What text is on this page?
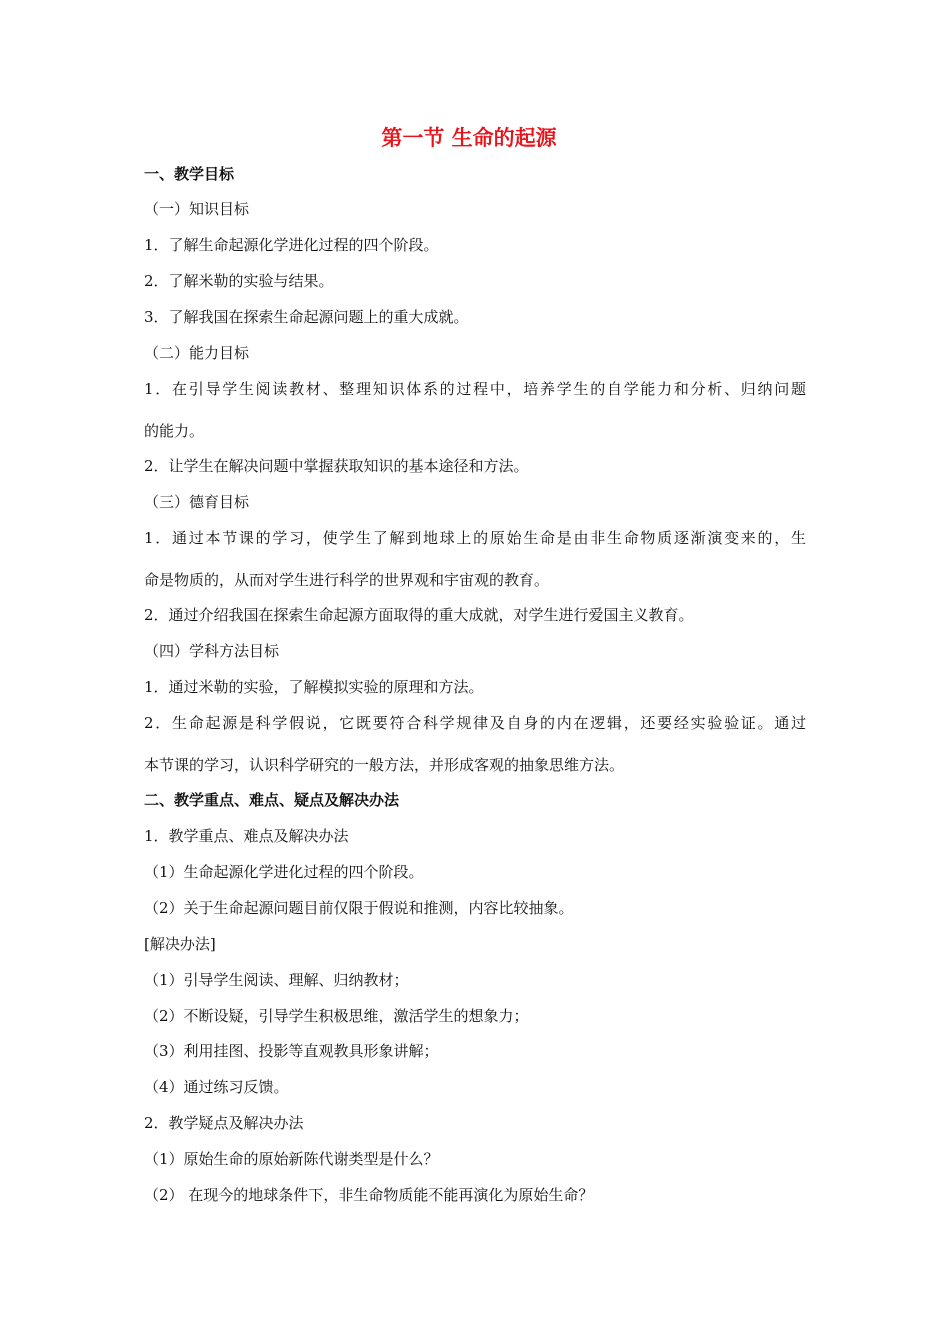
第一节 生命的起源
一、教学目标
（一）知识目标
1．了解生命起源化学进化过程的四个阶段。
2．了解米勒的实验与结果。
3．了解我国在探索生命起源问题上的重大成就。
（二）能力目标
1．在引导学生阅读教材、整理知识体系的过程中，培养学生的自学能力和分析、归纳问题
的能力。
2．让学生在解决问题中掌握获取知识的基本途径和方法。
（三）德育目标
1．通过本节课的学习，使学生了解到地球上的原始生命是由非生命物质逐渐演变来的，生
命是物质的，从而对学生进行科学的世界观和宇宙观的教育。
2．通过介绍我国在探索生命起源方面取得的重大成就，对学生进行爱国主义教育。
（四）学科方法目标
1．通过米勒的实验，了解模拟实验的原理和方法。
2．生命起源是科学假说，它既要符合科学规律及自身的内在逻辑，还要经实验验证。通过
本节课的学习，认识科学研究的一般方法，并形成客观的抽象思维方法。
二、教学重点、难点、疑点及解决办法
1．教学重点、难点及解决办法
（1）生命起源化学进化过程的四个阶段。
（2）关于生命起源问题目前仅限于假说和推测，内容比较抽象。
[解决办法]
（1）引导学生阅读、理解、归纳教材；
（2）不断设疑，引导学生积极思维，激活学生的想象力；
（3）利用挂图、投影等直观教具形象讲解；
（4）通过练习反馈。
2．教学疑点及解决办法
（1）原始生命的原始新陈代谢类型是什么？
（2） 在现今的地球条件下，非生命物质能不能再演化为原始生命？
